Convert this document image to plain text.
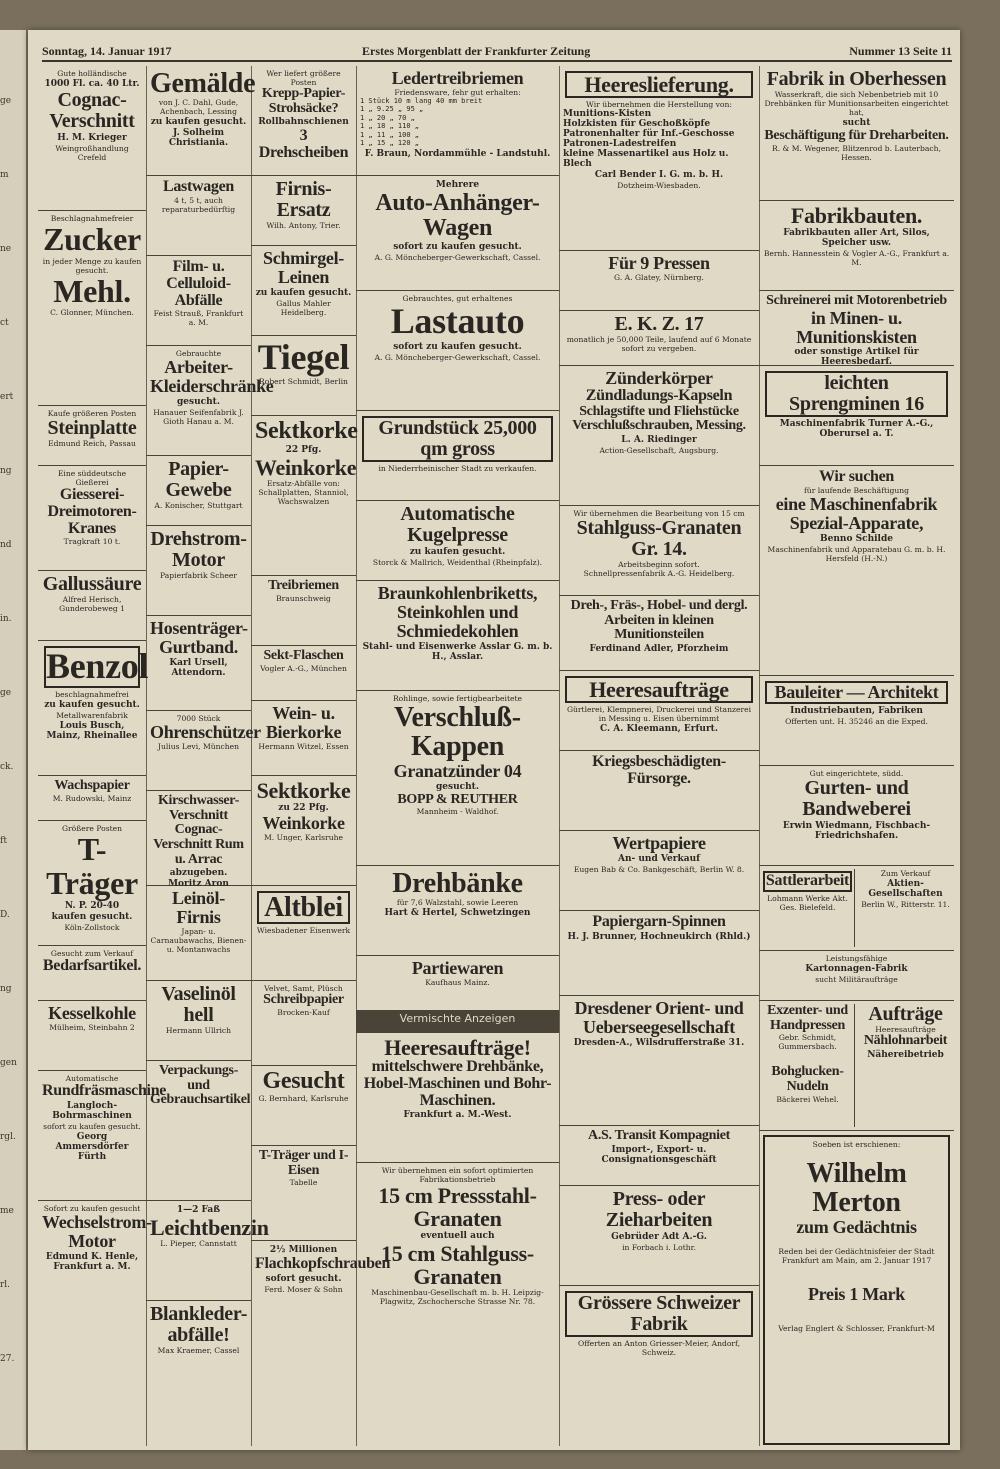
ge
m
ne
ct
ert
ng
nd
in.
ge
ck.
ft
D.
ng
gen
rgl.
me
rl.
27.
Sonntag, 14. Januar 1917	Erstes Morgenblatt der Frankfurter Zeitung	Nummer 13 Seite 11
Gute holländische
1000 Fl. ca. 40 Ltr.
Cognac-Verschnitt
H. M. Krieger
Weingroßhandlung Crefeld
Beschlagnahmefreier
Zucker
in jeder Menge zu kaufen gesucht.
Mehl.
C. Glonner, München.
Kaufe größeren Posten
Steinplatte
Edmund Reich, Passau
Eine süddeutsche Gießerei
Giesserei-Dreimotoren-Kranes
Tragkraft 10 t.
Gallussäure
Alfred Herisch, Gunderobeweg 1
Benzol
beschlagnahmefrei
zu kaufen gesucht.
Metallwarenfabrik
Louis Busch, Mainz, Rheinallee
Wachspapier
M. Rudowski, Mainz
Größere Posten
T-Träger
N. P. 20-40
kaufen gesucht.
Köln-Zollstock
Gesucht zum Verkauf
Bedarfsartikel.
Kesselkohle
Mülheim, Steinbahn 2
Automatische
Rundfräsmaschine
Langloch-Bohrmaschinen
sofort zu kaufen gesucht.
Georg Ammersdörfer Fürth
Sofort zu kaufen gesucht
Wechselstrom-Motor
Edmund K. Henle, Frankfurt a. M.
Gemälde
von J. C. Dahl, Gude, Achenbach, Lessing
zu kaufen gesucht.
J. Solheim Christiania.
Lastwagen
4 t, 5 t, auch reparaturbedürftig
Film- u. Celluloid-Abfälle
Feist Strauß, Frankfurt a. M.
Gebrauchte
Arbeiter-Kleiderschränke
gesucht.
Hanauer Seifenfabrik J. Gioth Hanau a. M.
Papier-Gewebe
A. Konischer, Stuttgart
Drehstrom-Motor
Papierfabrik Scheer
Hosenträger-Gurtband.
Karl Ursell, Attendorn.
7000 Stück
Ohrenschützer
Julius Levi, München
Kirschwasser-Verschnitt Cognac-Verschnitt Rum u. Arrac
abzugeben.
Moritz Aron
Leinöl-Firnis
Japan- u. Carnaubawachs, Bienen- u. Montanwachs
Vaselinöl hell
Hermann Ullrich
Verpackungs- und Gebrauchsartikel
1—2 Faß
Leichtbenzin
L. Pieper, Cannstatt
Blankleder-abfälle!
Max Kraemer, Cassel
Wer liefert größere Posten
Krepp-Papier-Strohsäcke?
Rollbahnschienen
3 Drehscheiben
Firnis-Ersatz
Wilh. Antony, Trier.
Schmirgel-Leinen
zu kaufen gesucht.
Gallus Mahler Heidelberg.
Tiegel
Robert Schmidt, Berlin
Sektkorke
22 Pfg.
Weinkorke
Ersatz-Abfälle von: Schallplatten, Stanniol, Wachswalzen
Treibriemen
Braunschweig
Sekt-Flaschen
Vogler A.-G., München
Wein- u. Bierkorke
Hermann Witzel, Essen
Sektkorke
zu 22 Pfg.
Weinkorke
M. Unger, Karlsruhe
Altblei
Wiesbadener Eisenwerk
Velvet, Samt, Plüsch
Schreibpapier
Brocken-Kauf
Gesucht
G. Bernhard, Karlsruhe
T-Träger und I-Eisen
Tabelle
2½ Millionen
Flachkopfschrauben
sofort gesucht.
Ferd. Moser & Sohn
Ledertreibriemen
Friedensware, fehr gut erhalten:
1 Stück 10 m lang 40 mm breit
1 „ 9.25 „ 95 „
1 „ 20 „ 70 „
1 „ 18 „ 110 „
1 „ 11 „ 100 „
1 „ 15 „ 120 „
F. Braun, Nordammühle - Landstuhl.
Mehrere
Auto-Anhänger-Wagen
sofort zu kaufen gesucht.
A. G. Möncheberger-Gewerkschaft, Cassel.
Gebrauchtes, gut erhaltenes
Lastauto
sofort zu kaufen gesucht.
A. G. Möncheberger-Gewerkschaft, Cassel.
Grundstück 25,000 qm gross
in Niederrheinischer Stadt zu verkaufen.
Automatische Kugelpresse
zu kaufen gesucht.
Storck & Mallrich, Weidenthal (Rheinpfalz).
Braunkohlenbriketts, Steinkohlen und Schmiedekohlen
Stahl- und Eisenwerke Asslar G. m. b. H., Asslar.
Rohlinge, sowie fertigbearbeitete
Verschluß-Kappen
Granatzünder 04
gesucht.
BOPP & REUTHER
Mannheim - Waldhof.
Drehbänke
für 7,6 Walzstahl, sowie Leeren
Hart & Hertel, Schwetzingen
Partiewaren
Kaufhaus Mainz.
Vermischte Anzeigen
Heeresaufträge!
mittelschwere Drehbänke, Hobel-Maschinen und Bohr-Maschinen.
Frankfurt a. M.-West.
Wir übernehmen ein sofort optimierten Fabrikationsbetrieb
15 cm Pressstahl-Granaten
eventuell auch
15 cm Stahlguss-Granaten
Maschinenbau-Gesellschaft m. b. H. Leipzig-Plagwitz, Zschochersche Strasse Nr. 78.
Heereslieferung.
Wir übernehmen die Herstellung von:
Munitions-Kisten
Holzkisten für Geschoßköpfe
Patronenhalter für Inf.-Geschosse
Patronen-Ladestreifen
kleine Massenartikel aus Holz u. Blech
Carl Bender I. G. m. b. H.
Dotzheim-Wiesbaden.
Für 9 Pressen
G. A. Glatey, Nürnberg.
E. K. Z. 17
monatlich je 50,000 Teile, laufend auf 6 Monate sofort zu vergeben.
Zünderkörper
Zündladungs-Kapseln
Schlagstifte und Fliehstücke
Verschlußschrauben, Messing.
L. A. Riedinger
Action-Gesellschaft, Augsburg.
Wir übernehmen die Bearbeitung von 15 cm
Stahlguss-Granaten Gr. 14.
Arbeitsbeginn sofort.
Schnellpressenfabrik A.-G. Heidelberg.
Dreh-, Fräs-, Hobel- und dergl. Arbeiten in kleinen Munitionsteilen
Ferdinand Adler, Pforzheim
Heeresaufträge
Gürtlerei, Klempnerei, Druckerei und Stanzerei in Messing u. Eisen übernimmt
C. A. Kleemann, Erfurt.
Kriegsbeschädigten-Fürsorge.
Wertpapiere
An- und Verkauf
Eugen Bab & Co. Bankgeschäft, Berlin W. 8.
Papiergarn-Spinnen
H. J. Brunner, Hochneukirch (Rhld.)
Dresdener Orient- und Ueberseegesellschaft
Dresden-A., Wilsdrufferstraße 31.
A.S. Transit Kompagniet
Import-, Export- u. Consignationsgeschäft
Press- oder Zieharbeiten
Gebrüder Adt A.-G.
in Forbach i. Lothr.
Grössere Schweizer Fabrik
Offerten an Anton Griesser-Meier, Andorf, Schweiz.
Fabrik in Oberhessen
Wasserkraft, die sich Nebenbetrieb mit 10 Drehbänken für Munitionsarbeiten eingerichtet hat,
sucht
Beschäftigung für Dreharbeiten.
R. & M. Wegener, Blitzenrod b. Lauterbach, Hessen.
Fabrikbauten.
Fabrikbauten aller Art, Silos, Speicher usw.
Bernh. Hannesstein & Vogler A.-G., Frankfurt a. M.
Schreinerei mit Motorenbetrieb
in Minen- u. Munitionskisten
oder sonstige Artikel für Heeresbedarf.
leichten Sprengminen 16
Maschinenfabrik Turner A.-G., Oberursel a. T.
Wir suchen
für laufende Beschäftigung
eine Maschinenfabrik
Spezial-Apparate,
Benno Schilde
Maschinenfabrik und Apparatebau G. m. b. H. Hersfeld (H.-N.)
Bauleiter — Architekt
Industriebauten, Fabriken
Offerten unt. H. 35246 an die Exped.
Gut eingerichtete, südd.
Gurten- und Bandweberei
Erwin Wiedmann, Fischbach-Friedrichshafen.
Sattlerarbeit
Lohmann Werke Akt. Ges. Bielefeld.
Zum Verkauf
Aktien-Gesellschaften
Berlin W., Ritterstr. 11.
Leistungsfähige
Kartonnagen-Fabrik
sucht Militäraufträge
Exzenter- und Handpressen
Gebr. Schmidt, Gummersbach.
Bohglucken-Nudeln
Bäckerei Wehel.
Aufträge
Heeresaufträge
Nählohnarbeit
Nähereibetrieb
Soeben ist erschienen:
Wilhelm Merton
zum Gedächtnis
Reden bei der Gedächtnisfeier der Stadt Frankfurt am Main, am 2. Januar 1917
Preis 1 Mark
Verlag Englert & Schlosser, Frankfurt-M
